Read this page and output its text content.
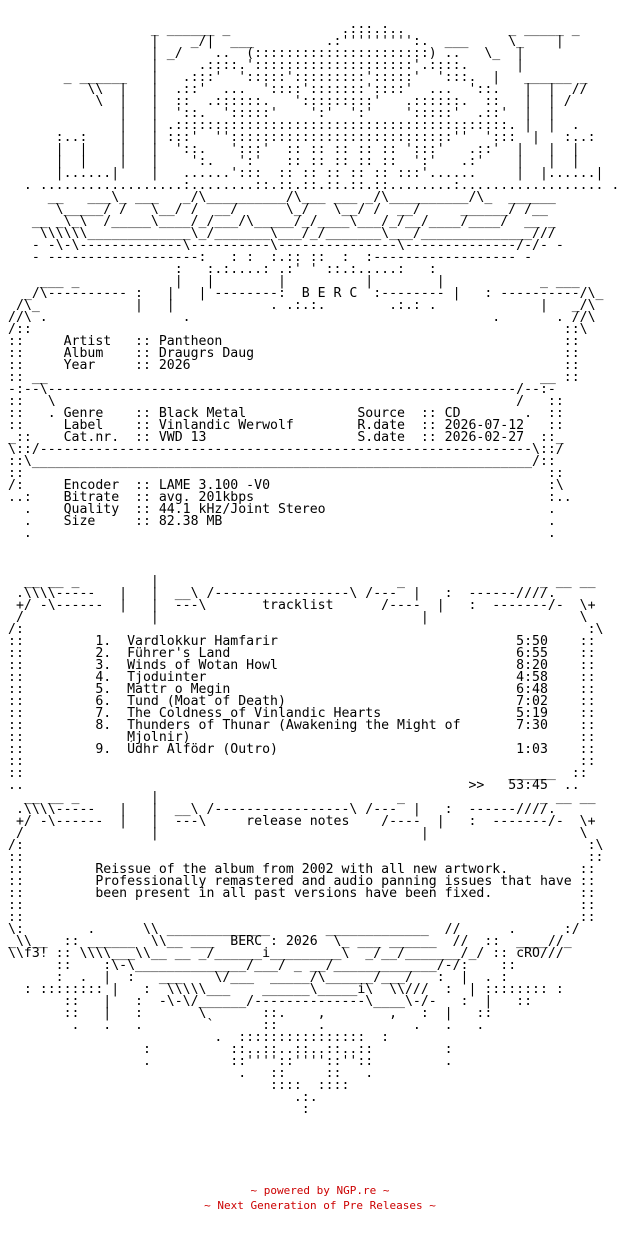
_ ______ _              .:::.:..             _ _____ _
|    _/|  ___         .:''''''''':.  ___     \_    |
| _/    ..  (::::::::::::::::::::::) ..   \_  |
|     .::::.'::::::::::::::::::::'.::::.      |
_ ______   |   .:::'  ':::::':::::::::':::::'  ':::.  |   ______ _
\\  |   |  .::'  ...  '::::':::::::'::::'  ...  '::.   |  |  //
\  |   |  ::  .::::::.   ':::::::::'   .::::::.  ::   |  | /
|   |  '::.  ':::::'    ':'  ':'    ':::::'  .::'  |  |
|   | .::::::::::::::::::::::::::::::::::::::::::. |  |  .
:..:    |   | :::'  ''::::::::::::::::::::::::::::''  ':::  |   :..:
|  |    |   |  '::.   ':::'  :: :: :: :: :: ':::'   .::'  |   |  |
|  |    |   |    ':.   ':'   :: :: :: :: ::  ':'   .:'    |   |  |
|......|    |   ......':::  :: :: :: :: :: :::'......     |  |......|
. ..................:........::.::.::.::.::.::........:.................. .
__   ___\_ ___   _/\__________/\___ ___ _/\__________/\_  ______
\_____/ /   \__/ /  __/      \_/   \__/ /  __/     ______/ /__
__ _\_\  /_____\____/_/___/\_____/_/____\___/_/__/____/____/  __ _
\\\\\\_____________\_/_______\___/_/_______\___/______________///
- -\-\-------------\----------\---------------\--------------/-/- -
- -------------------:   : :  :.:: ::  :  :------------------ -
:   :.:....: .:' ' ::.:.....:   :
___ _            |   |        |          |        |            _ ___
_/\---------- :   |   | --------:  B E R C  :-------- |   : ----------/\_
/\_            |   |            . .:.:.        .:.: .             |   _/\
//\ .                 .                                      .       . //\
/::                                                                   ::\
::     Artist   :: Pantheon                                           ::
::     Album    :: Draugrs Daug                                       ::
::     Year     :: 2026                                               ::
:: __                                                              __ ::
-:--\-----------------------------------------------------------/--:-
::   \                                                          /   ::
::   . Genre    :: Black Metal              Source  :: CD        .  ::
::     Label    :: Vinlandic Werwolf        R.date  :: 2026-07-12   ::
_::    Cat.nr.  :: VWD 13                   S.date  :: 2026-02-27  ::_
\::/--------------------------------------------------------------\::/
::\_______________________________________________________________/::
::                                                                  ::
/:     Encoder  :: LAME 3.100 -V0                                   :\
..:    Bitrate  :: avg. 201kbps                                     :..
.    Quality  :: 44.1 kHz/Joint Stereo                            .
.    Size     :: 82.38 MB                                         .
.                                                                 .

__ __ _         |                              _                 _ __ __
.\\\\-----   |   |  __\ /-----------------\ /---  |   :  ------////.
+/ -\------  |   |  ---\       tracklist      /----  |   :  -------/-  \+
/                |                                 |                   \
/:                                                                       :\
::         1.  Vardlokkur Hamfarir                              5:50    ::
::         2.  Führer's Land                                    6:55    ::
::         3.  Winds of Wotan Howl                              8:20    ::
::         4.  Tjoduinter                                       4:58    ::
::         5.  Mattr o Megin                                    6:48    ::
::         6.  Tund (Moat of Death)                             7:02    ::
::         7.  The Coldness of Vinlandic Hearts                 5:19    ::
::         8.  Thunders of Thunar (Awakening the Might of       7:30    ::
::             Mjolnir)                                                 ::
::         9.  Údhr Alfödr (Outro)                              1:03    ::
::                                                                      ::
::                                                             ______  ::
..                                                        >>   53:45  ..
__ __ _         |                              _                 _ __ __
.\\\\-----   |   |  __\ /-----------------\ /---  |   :  ------////.
+/ -\------  |   |  ---\     release notes    /----  |   :  -------/-  \+
/                |                                 |                   \
/:                                                                       :\
::                                                                       ::
::         Reissue of the album from 2002 with all new artwork.         ::
::         Professionally remastered and audio panning issues that have ::
::         been present in all past versions have been fixed.           ::
::                                                                      ::
::                                                                      ::
\:        .      \\ _____________       _____________  //      .      :/
_\\__  :: ______  \\__ ___  BERC : 2026  \_ ___ ______  //  ::  ____//_
\\f3! :: \\\\___\\__ __ _/______i_________\  _/__/_______/_/ :: cRO///
::    :\-\______________/___/ _ __/_____________/-/:    ::
:  .  |  :   ___    \/___  _____/\______/___/   :  |  . :
: :::::::: |   :  \\\\\___    ______\_____i\  \\///  :  | :::::::: :
::   |   :  -\-\/______/--------------\____\-/-   :  |   ::
::   |   :       \       ::.    ,        ,   :  |   ::
.   .   .        `      ::     .           .   .   .
.  ::::::::::::::::  :
:          ::..::..::..::..::         :
.          ::''''::''''::''::         .
.   ::     ::   .
::::  ::::
.:.
:
~ powered by NGP.re ~
~ Next Generation of Pre Releases ~
